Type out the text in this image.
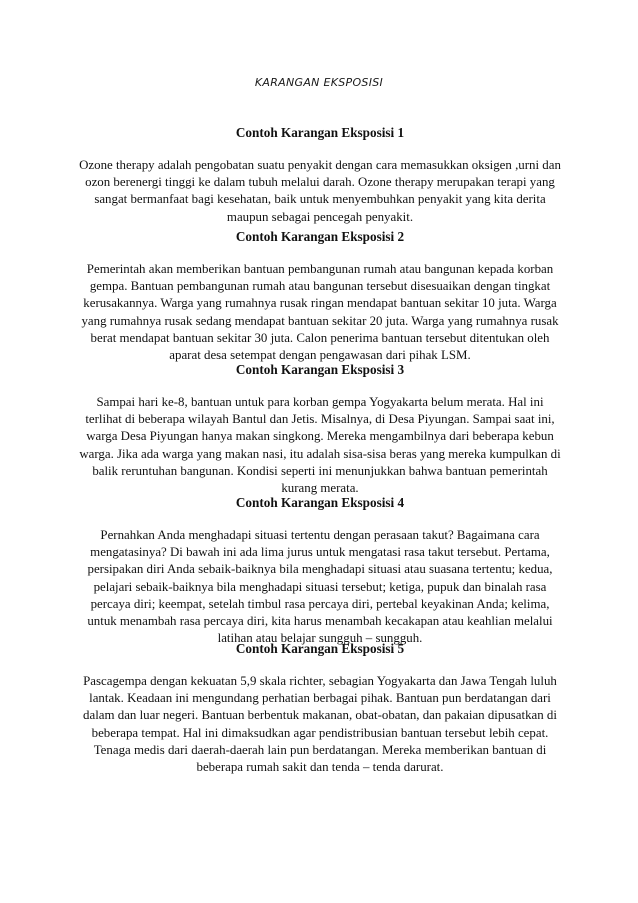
KARANGAN EKSPOSISI
Contoh Karangan Eksposisi 1

Ozone therapy adalah pengobatan suatu penyakit dengan cara memasukkan oksigen ,urni dan ozon berenergi tinggi ke dalam tubuh melalui darah. Ozone therapy merupakan terapi yang sangat bermanfaat bagi kesehatan, baik untuk menyembuhkan penyakit yang kita derita maupun sebagai pencegah penyakit.

Contoh Karangan Eksposisi 2

Pemerintah akan memberikan bantuan pembangunan rumah atau bangunan kepada korban gempa. Bantuan pembangunan rumah atau bangunan tersebut disesuaikan dengan tingkat kerusakannya. Warga yang rumahnya rusak ringan mendapat bantuan sekitar 10 juta. Warga yang rumahnya rusak sedang mendapat bantuan sekitar 20 juta. Warga yang rumahnya rusak berat mendapat bantuan sekitar 30 juta. Calon penerima bantuan tersebut ditentukan oleh aparat desa setempat dengan pengawasan dari pihak LSM.

Contoh Karangan Eksposisi 3

Sampai hari ke-8, bantuan untuk para korban gempa Yogyakarta belum merata. Hal ini terlihat di beberapa wilayah Bantul dan Jetis. Misalnya, di Desa Piyungan. Sampai saat ini, warga Desa Piyungan hanya makan singkong. Mereka mengambilnya dari beberapa kebun warga. Jika ada warga yang makan nasi, itu adalah sisa-sisa beras yang mereka kumpulkan di balik reruntuhan bangunan. Kondisi seperti ini menunjukkan bahwa bantuan pemerintah kurang merata.

Contoh Karangan Eksposisi 4

Pernahkan Anda menghadapi situasi tertentu dengan perasaan takut? Bagaimana cara mengatasinya? Di bawah ini ada lima jurus untuk mengatasi rasa takut tersebut. Pertama, persipakan diri Anda sebaik-baiknya bila menghadapi situasi atau suasana tertentu; kedua, pelajari sebaik-baiknya bila menghadapi situasi tersebut; ketiga, pupuk dan binalah rasa percaya diri; keempat, setelah timbul rasa percaya diri, pertebal keyakinan Anda; kelima, untuk menambah rasa percaya diri, kita harus menambah kecakapan atau keahlian melalui latihan atau belajar sungguh – sungguh.

Contoh Karangan Eksposisi 5

Pascagempa dengan kekuatan 5,9 skala richter, sebagian Yogyakarta dan Jawa Tengah luluh lantak. Keadaan ini mengundang perhatian berbagai pihak. Bantuan pun berdatangan dari dalam dan luar negeri. Bantuan berbentuk makanan, obat-obatan, dan pakaian dipusatkan di beberapa tempat. Hal ini dimaksudkan agar pendistribusian bantuan tersebut lebih cepat. Tenaga medis dari daerah-daerah lain pun berdatangan. Mereka memberikan bantuan di beberapa rumah sakit dan tenda – tenda darurat.
